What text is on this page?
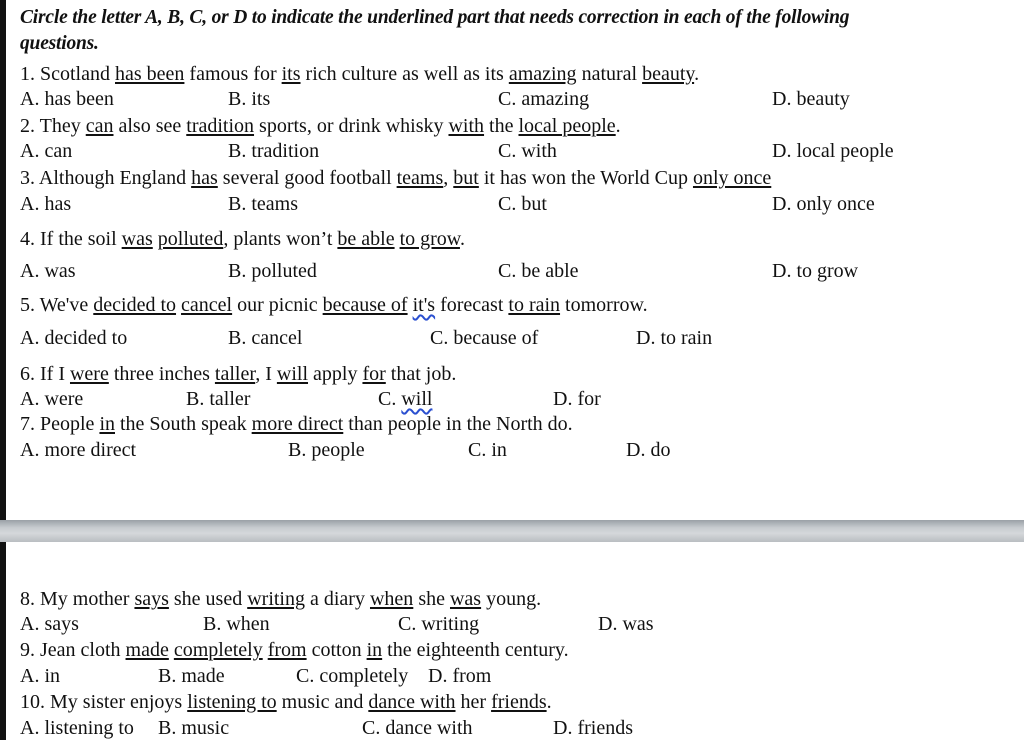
Circle the letter A, B, C, or D to indicate the underlined part that needs correction in each of the following
questions.
1. Scotland has been famous for its rich culture as well as its amazing natural beauty.
A. has been	B. its	C. amazing	D. beauty
2. They can also see tradition sports, or drink whisky with the local people.
A. can	B. tradition	C. with	D. local people
3. Although England has several good football teams, but it has won the World Cup only once
A. has	B. teams	C. but	D. only once
4. If the soil was polluted, plants won’t be able to grow.
A. was	B. polluted	C. be able	D. to grow
5. We've decided to cancel our picnic because of it's forecast to rain tomorrow.
A. decided to	B. cancel	C. because of	D. to rain
6. If I were three inches taller, I will apply for that job.
A. were	B. taller	C. will	D. for
7. People in the South speak more direct than people in the North do.
A. more direct	B. people	C. in	D. do
8. My mother says she used writing a diary when she was young.
A. says	B. when	C. writing	D. was
9. Jean cloth made completely from cotton in the eighteenth century.
A. in	B. made	C. completely D. from
10. My sister enjoys listening to music and dance with her friends.
A. listening to B. music	C. dance with	D. friends
